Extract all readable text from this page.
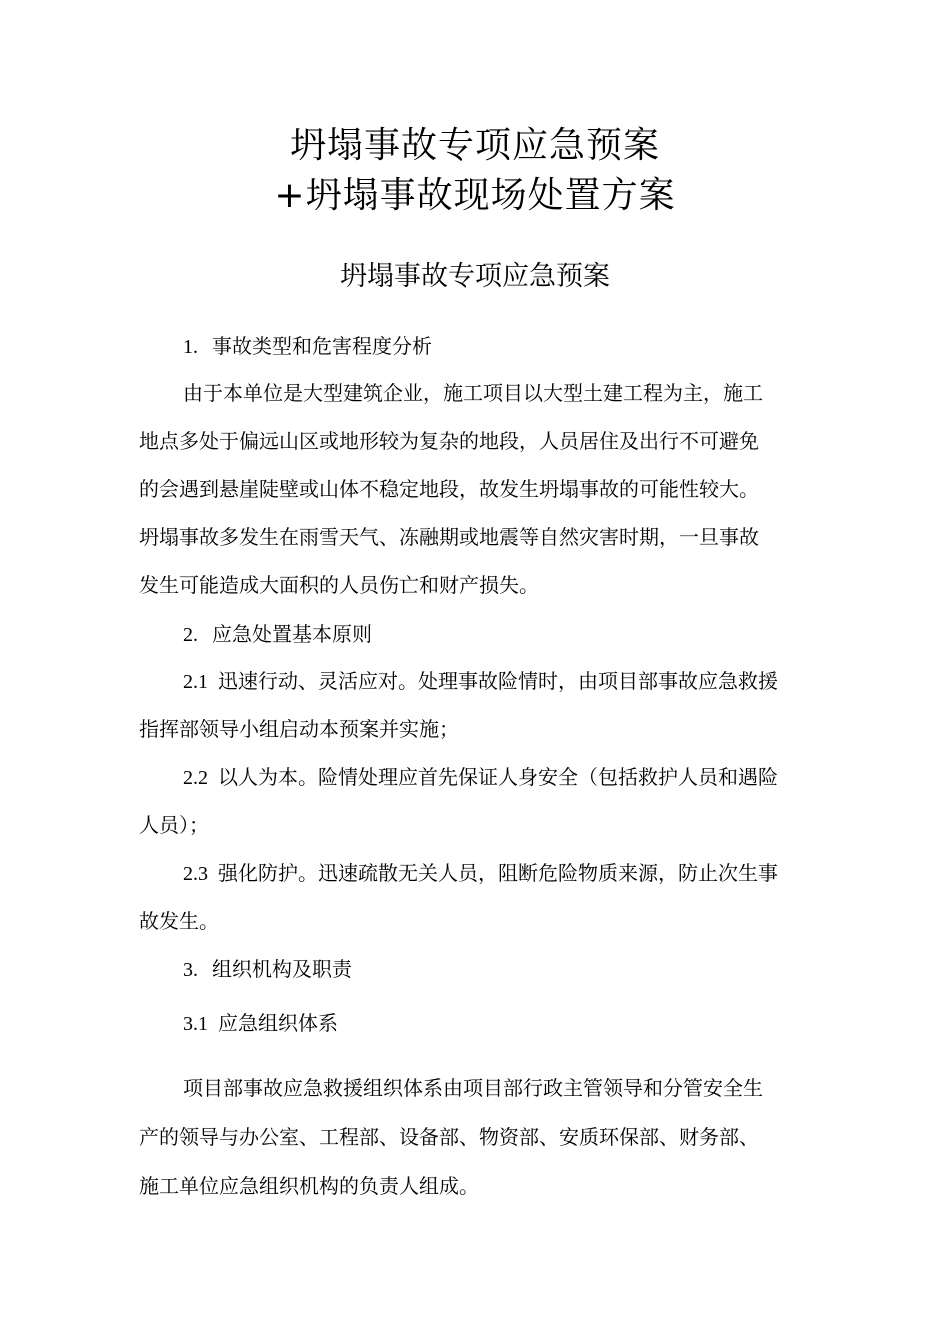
坍塌事故专项应急预案
+坍塌事故现场处置方案
坍塌事故专项应急预案
1. 事故类型和危害程度分析
由于本单位是大型建筑企业，施工项目以大型土建工程为主，施工
地点多处于偏远山区或地形较为复杂的地段，人员居住及出行不可避免
的会遇到悬崖陡壁或山体不稳定地段，故发生坍塌事故的可能性较大。
坍塌事故多发生在雨雪天气、冻融期或地震等自然灾害时期，一旦事故
发生可能造成大面积的人员伤亡和财产损失。
2. 应急处置基本原则
2.1 迅速行动、灵活应对。处理事故险情时，由项目部事故应急救援
指挥部领导小组启动本预案并实施；
2.2 以人为本。险情处理应首先保证人身安全（包括救护人员和遇险
人员）；
2.3 强化防护。迅速疏散无关人员，阻断危险物质来源，防止次生事
故发生。
3. 组织机构及职责
3.1 应急组织体系
项目部事故应急救援组织体系由项目部行政主管领导和分管安全生
产的领导与办公室、工程部、设备部、物资部、安质环保部、财务部、
施工单位应急组织机构的负责人组成。
